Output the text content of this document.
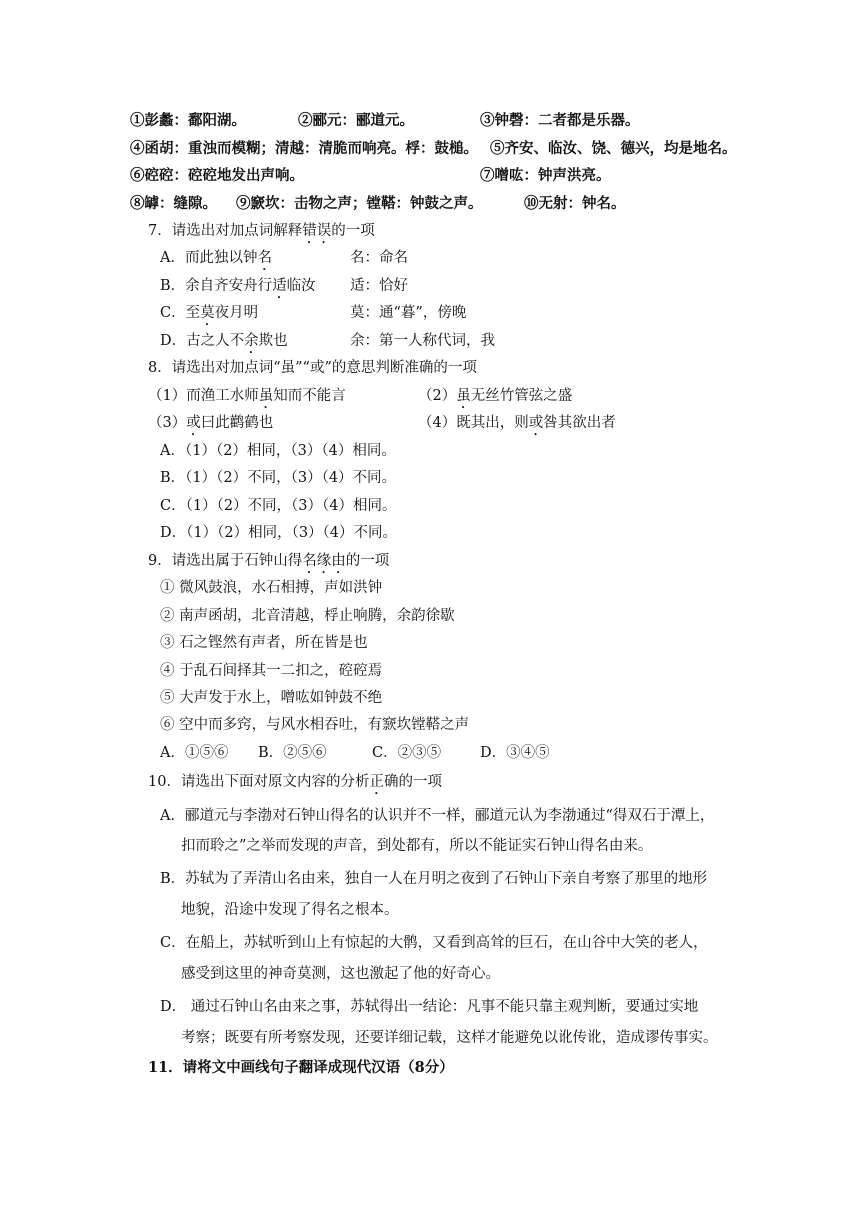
①彭蠡：鄱阳湖。	②郦元：郦道元。	③钟磬：二者都是乐器。
④函胡：重浊而模糊；清越：清脆而响亮。桴：鼓槌。 ⑤齐安、临汝、饶、德兴，均是地名。
⑥硿硿：硿硿地发出声响。	⑦噌吰：钟声洪亮。
⑧罅：缝隙。 ⑨窾坎：击物之声；镗鞳：钟鼓之声。	⑩无射：钟名。
7．请选出对加点词解释错误的一项
A．而此独以钟名	名：命名
B．余自齐安舟行适临汝 适：恰好
C．至莫夜月明	莫：通“暮”，傍晚
D．古之人不余欺也	余：第一人称代词，我
8．请选出对加点词“虽”“或”的意思判断准确的一项
（1）而渔工水师虽知而不能言	（2）虽无丝竹管弦之盛
（3）或曰此鹳鹤也	（4）既其出，则或咎其欲出者
A．（1）（2）相同，（3）（4）相同。
B．（1）（2）不同，（3）（4）不同。
C．（1）（2）不同，（3）（4）相同。
D．（1）（2）相同，（3）（4）不同。
9．请选出属于石钟山得名缘由的一项
① 微风鼓浪，水石相搏，声如洪钟
② 南声函胡，北音清越，桴止响腾，余韵徐歇
③ 石之铿然有声者，所在皆是也
④ 于乱石间择其一二扣之，硿硿焉
⑤ 大声发于水上，噌吰如钟鼓不绝
⑥ 空中而多窍，与风水相吞吐，有窾坎镗鞳之声
A．①⑤⑥ B．②⑤⑥	C．②③⑤	D．③④⑤
10．请选出下面对原文内容的分析正确的一项
A．郦道元与李渤对石钟山得名的认识并不一样，郦道元认为李渤通过“得双石于潭上，
扣而聆之”之举而发现的声音，到处都有，所以不能证实石钟山得名由来。
B．苏轼为了弄清山名由来，独自一人在月明之夜到了石钟山下亲自考察了那里的地形
地貌，沿途中发现了得名之根本。
C．在船上，苏轼听到山上有惊起的大鹘，又看到高耸的巨石，在山谷中大笑的老人，
感受到这里的神奇莫测，这也激起了他的好奇心。
D． 通过石钟山名由来之事，苏轼得出一结论：凡事不能只靠主观判断，要通过实地
考察；既要有所考察发现，还要详细记载，这样才能避免以讹传讹，造成谬传事实。
11．请将文中画线句子翻译成现代汉语（8分）
